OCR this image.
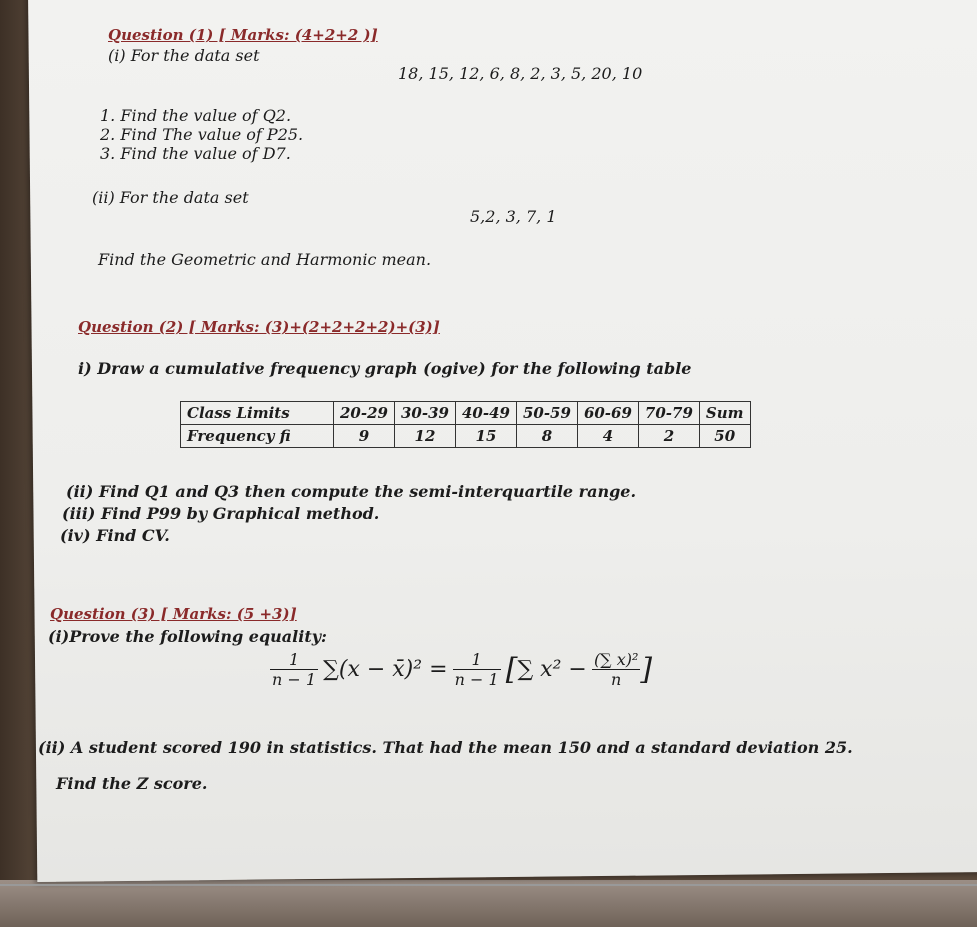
Question (1) [ Marks: (4+2+2 )]
(i) For the data set
18, 15, 12, 6, 8, 2, 3, 5, 20, 10
1. Find the value of Q2.
2. Find The value of P25.
3. Find the value of D7.
(ii) For the data set
5,2, 3, 7, 1
Find the Geometric and Harmonic mean.
Question (2) [ Marks: (3)+(2+2+2+2)+(3)]
i) Draw a cumulative frequency graph (ogive) for the following table
Class Limits	20-29	30-39	40-49	50-59	60-69	70-79	Sum
Frequency fi	9	12	15	8	4	2	50
(ii) Find Q1 and Q3 then compute the semi-interquartile range.
(iii) Find P99 by Graphical method.
(iv) Find CV.
Question (3) [ Marks: (5 +3)]
(i)Prove the following equality:
$\frac{1}{n - 1} \sum(x$ − x̄)² = $\frac{1}{n - 1}$ [∑ $x^2 - \frac{\text{(∑ x)²}}{n}$ ]
(ii) A student scored 190 in statistics. That had the mean 150 and a standard deviation 25.
Find the Z score.
